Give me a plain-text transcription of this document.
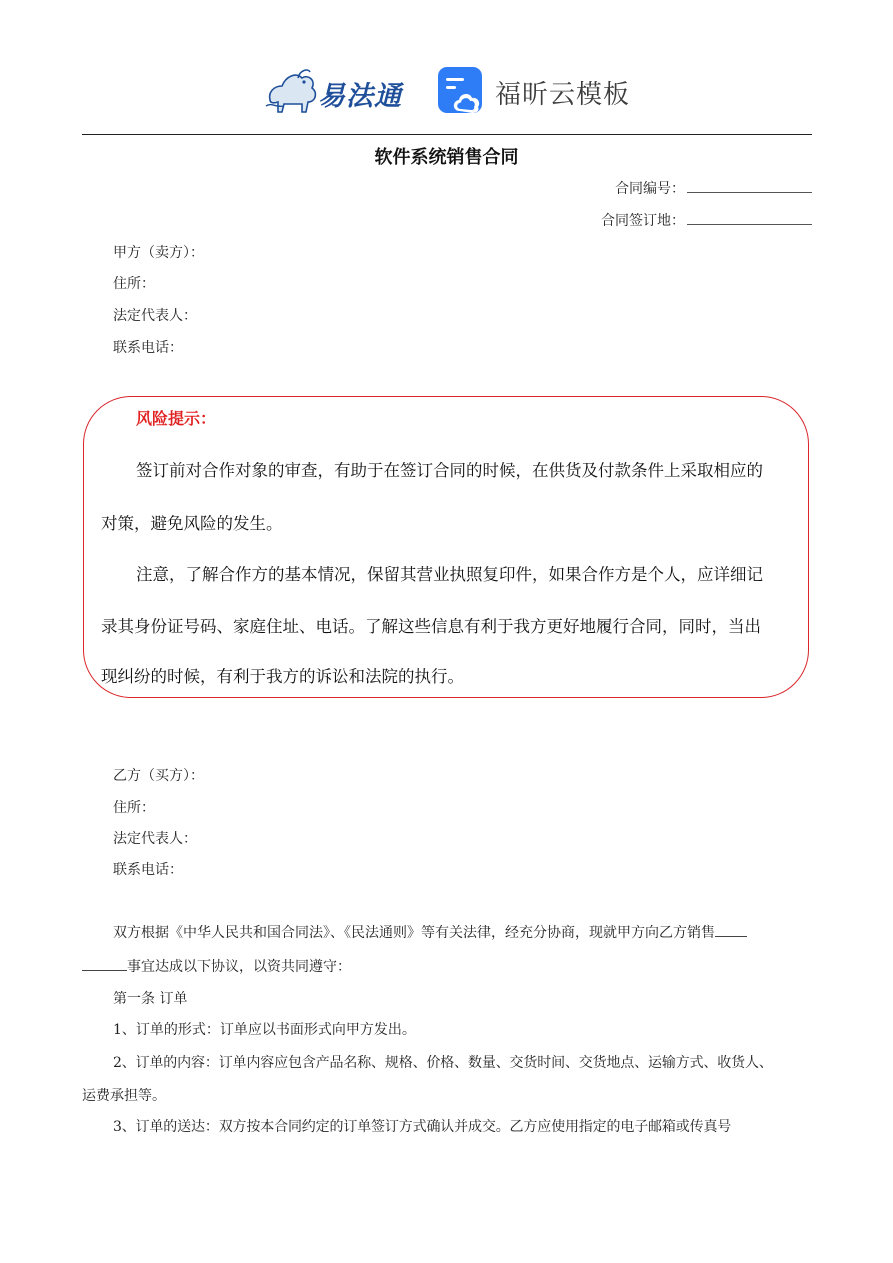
易法通	福昕云模板
软件系统销售合同
合同编号：
合同签订地：
甲方（卖方）：
住所：
法定代表人：
联系电话：
风险提示：
签订前对合作对象的审查，有助于在签订合同的时候，在供货及付款条件上采取相应的
对策，避免风险的发生。
注意，了解合作方的基本情况，保留其营业执照复印件，如果合作方是个人，应详细记
录其身份证号码、家庭住址、电话。了解这些信息有利于我方更好地履行合同，同时，当出
现纠纷的时候，有利于我方的诉讼和法院的执行。
乙方（买方）：
住所：
法定代表人：
联系电话：
双方根据《中华人民共和国合同法》、《民法通则》等有关法律，经充分协商，现就甲方向乙方销售
事宜达成以下协议，以资共同遵守：
第一条 订单
1、订单的形式：订单应以书面形式向甲方发出。
2、订单的内容：订单内容应包含产品名称、规格、价格、数量、交货时间、交货地点、运输方式、收货人、
运费承担等。
3、订单的送达：双方按本合同约定的订单签订方式确认并成交。乙方应使用指定的电子邮箱或传真号
